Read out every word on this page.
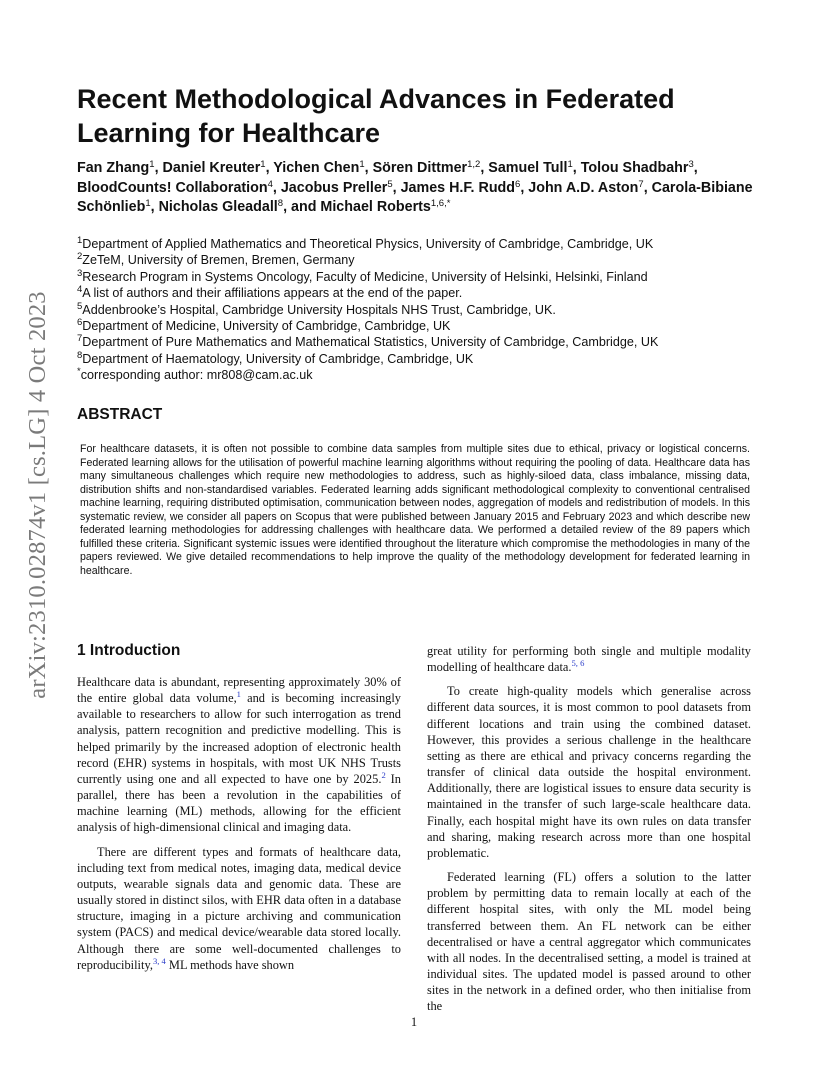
arXiv:2310.02874v1 [cs.LG] 4 Oct 2023
Recent Methodological Advances in Federated Learning for Healthcare

Fan Zhang$^1$, Daniel Kreuter$^1$, Yichen Chen$^1$, Sören Dittmer$^{1,2}$, Samuel Tull$^1$, Tolou Shadbahr$^3$, BloodCounts! Collaboration$^4$, Jacobus Preller$^5$, James H.F. Rudd$^6$, John A.D. Aston$^7$, Carola-Bibiane Schönlieb$^1$, Nicholas Gleadall$^8$, and Michael Roberts$^{1,6,*}$

$^1$Department of Applied Mathematics and Theoretical Physics, University of Cambridge, Cambridge, UK
$^2$ZeTeM, University of Bremen, Bremen, Germany
$^3$Research Program in Systems Oncology, Faculty of Medicine, University of Helsinki, Helsinki, Finland
$^4$A list of authors and their affiliations appears at the end of the paper.
$^5$Addenbrooke’s Hospital, Cambridge University Hospitals NHS Trust, Cambridge, UK.
$^6$Department of Medicine, University of Cambridge, Cambridge, UK
$^7$Department of Pure Mathematics and Mathematical Statistics, University of Cambridge, Cambridge, UK
$^8$Department of Haematology, University of Cambridge, Cambridge, UK
*corresponding author: mr808@cam.ac.uk
ABSTRACT

For healthcare datasets, it is often not possible to combine data samples from multiple sites due to ethical, privacy or logistical concerns. Federated learning allows for the utilisation of powerful machine learning algorithms without requiring the pooling of data. Healthcare data has many simultaneous challenges which require new methodologies to address, such as highly-siloed data, class imbalance, missing data, distribution shifts and non-standardised variables. Federated learning adds significant methodological complexity to conventional centralised machine learning, requiring distributed optimisation, communication between nodes, aggregation of models and redistribution of models. In this systematic review, we consider all papers on Scopus that were published between January 2015 and February 2023 and which describe new federated learning methodologies for addressing challenges with healthcare data. We performed a detailed review of the 89 papers which fulfilled these criteria. Significant systemic issues were identified throughout the literature which compromise the methodologies in many of the papers reviewed. We give detailed recommendations to help improve the quality of the methodology development for federated learning in healthcare.

1 Introduction

Healthcare data is abundant, representing approximately 30% of the entire global data volume,$^1$ and is becoming increasingly available to researchers to allow for such interrogation as trend analysis, pattern recognition and predictive modelling. This is helped primarily by the increased adoption of electronic health record (EHR) systems in hospitals, with most UK NHS Trusts currently using one and all expected to have one by 2025.$^2$ In parallel, there has been a revolution in the capabilities of machine learning (ML) methods, allowing for the efficient analysis of high-dimensional clinical and imaging data.

There are different types and formats of healthcare data, including text from medical notes, imaging data, medical device outputs, wearable signals data and genomic data. These are usually stored in distinct silos, with EHR data often in a database structure, imaging in a picture archiving and communication system (PACS) and medical device/wearable data stored locally. Although there are some well-documented challenges to reproducibility,$^{3, 4}$ ML methods have shown

great utility for performing both single and multiple modality modelling of healthcare data.$^{5, 6}$

To create high-quality models which generalise across different data sources, it is most common to pool datasets from different locations and train using the combined dataset. However, this provides a serious challenge in the healthcare setting as there are ethical and privacy concerns regarding the transfer of clinical data outside the hospital environment. Additionally, there are logistical issues to ensure data security is maintained in the transfer of such large-scale healthcare data. Finally, each hospital might have its own rules on data transfer and sharing, making research across more than one hospital problematic.

Federated learning (FL) offers a solution to the latter problem by permitting data to remain locally at each of the different hospital sites, with only the ML model being transferred between them. An FL network can be either decentralised or have a central aggregator which communicates with all nodes. In the decentralised setting, a model is trained at individual sites. The updated model is passed around to other sites in the network in a defined order, who then initialise from the

1
